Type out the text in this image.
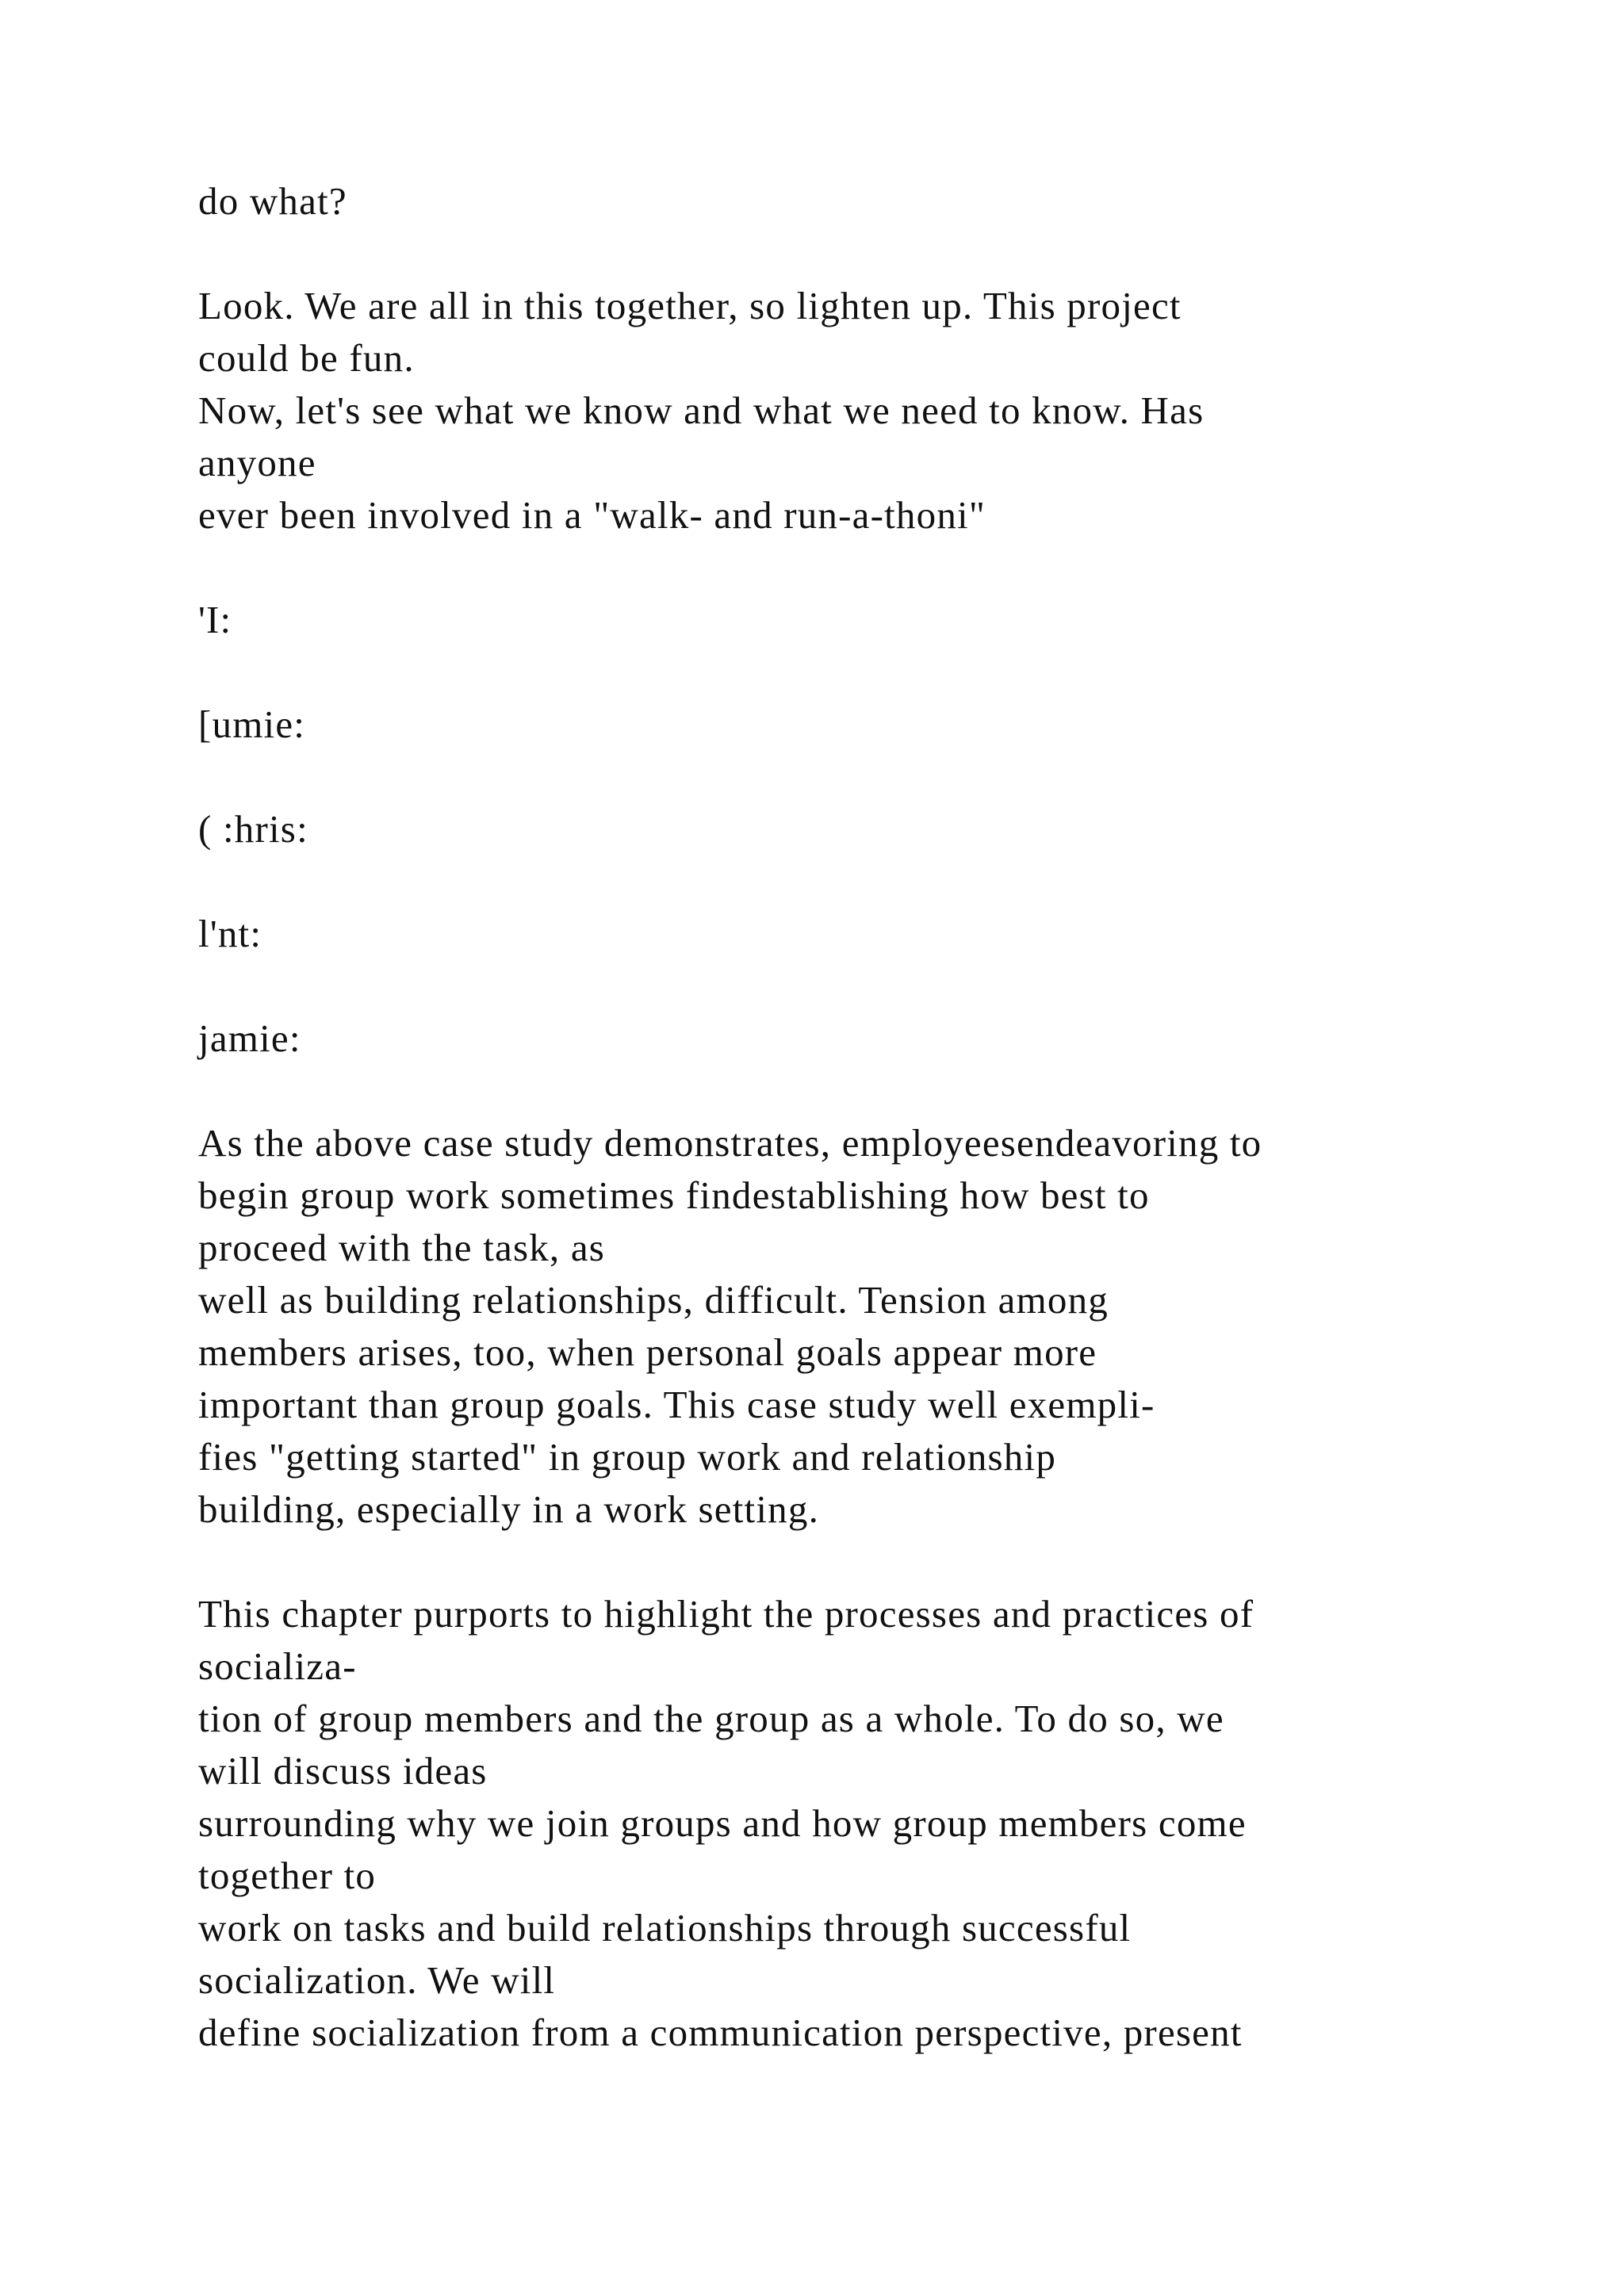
do what?
Look. We are all in this together, so lighten up. This project
could be fun.
Now, let's see what we know and what we need to know. Has
anyone
ever been involved in a "walk- and run-a-thoni"
'I:
[umie:
( :hris:
l'nt:
jamie:
As the above case study demonstrates, employeesendeavoring to
begin group work sometimes findestablishing how best to
proceed with the task, as
well as building relationships, difficult. Tension among
members arises, too, when personal goals appear more
important than group goals. This case study well exempli-
fies "getting started" in group work and relationship
building, especially in a work setting.
This chapter purports to highlight the processes and practices of
socializa-
tion of group members and the group as a whole. To do so, we
will discuss ideas
surrounding why we join groups and how group members come
together to
work on tasks and build relationships through successful
socialization. We will
define socialization from a communication perspective, present
